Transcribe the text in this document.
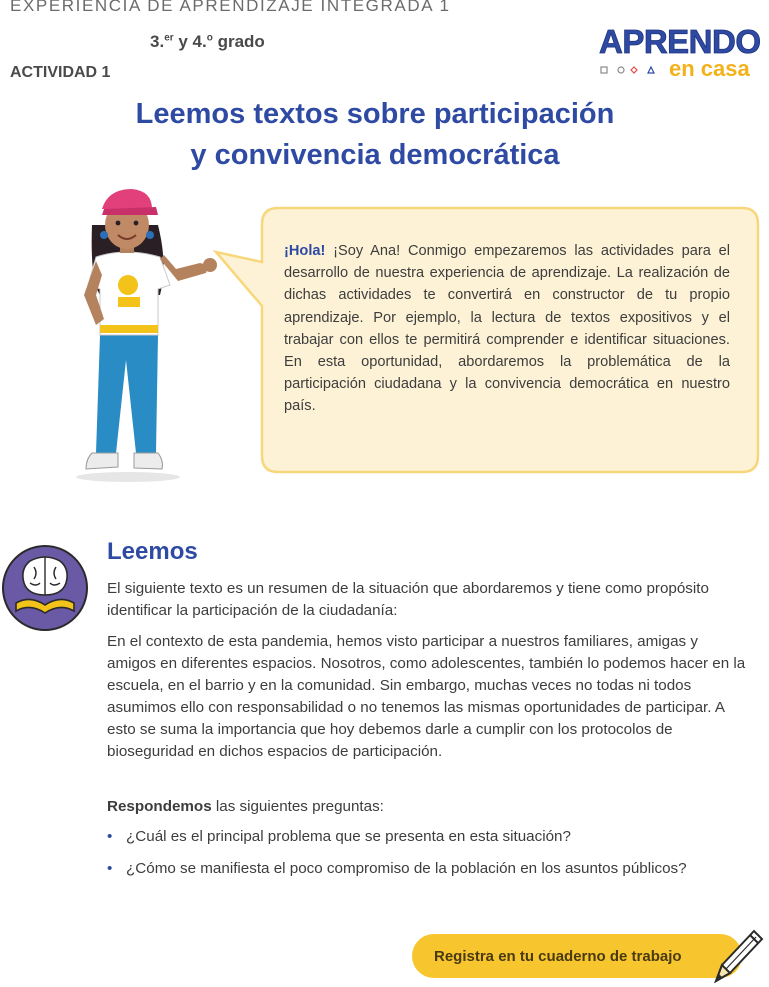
EXPERIENCIA DE APRENDIZAJE INTEGRADA 1
3.$^{er}$ y 4.$^o$ grado
ACTIVIDAD 1
APRENDO
en casa
Leemos textos sobre participación
y convivencia democrática
¡Hola! ¡Soy Ana! Conmigo empezaremos las actividades para el desarrollo de nuestra experiencia de aprendizaje. La realización de dichas actividades te convertirá en constructor de tu propio aprendizaje. Por ejemplo, la lectura de textos expositivos y el trabajar con ellos te permitirá comprender e identificar situaciones. En esta oportunidad, abordaremos la problemática de la participación ciudadana y la convivencia democrática en nuestro país.
Leemos

El siguiente texto es un resumen de la situación que abordaremos y tiene como propósito identificar la participación de la ciudadanía:

En el contexto de esta pandemia, hemos visto participar a nuestros familiares, amigas y amigos en diferentes espacios. Nosotros, como adolescentes, también lo podemos hacer en la escuela, en el barrio y en la comunidad. Sin embargo, muchas veces no todas ni todos asumimos ello con responsabilidad o no tenemos las mismas oportunidades de participar. A esto se suma la importancia que hoy debemos darle a cumplir con los protocolos de bioseguridad en dichos espacios de participación.

Respondemos las siguientes preguntas:

• ¿Cuál es el principal problema que se presenta en esta situación?
• ¿Cómo se manifiesta el poco compromiso de la población en los asuntos públicos?
Registra en tu cuaderno de trabajo
